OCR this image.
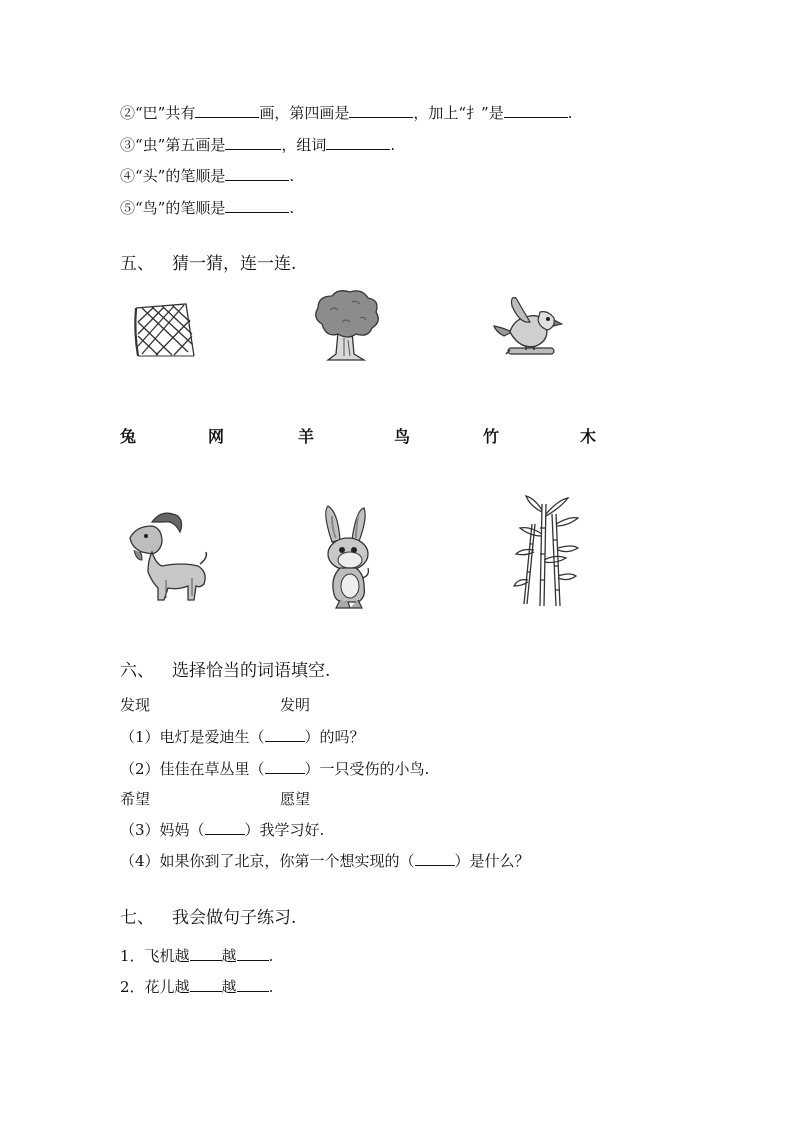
②“巴”共有	画，第四画是	，加上“扌”是	.
③“虫”第五画是	，组词	.
④“头”的笔顺是	.
⑤“鸟”的笔顺是	.
五、 猜一猜，连一连.
兔	网	羊	鸟	竹	木
六、 选择恰当的词语填空.
发现	发明
（1）电灯是爱迪生（	）的吗？
（2）佳佳在草丛里（	）一只受伤的小鸟.
希望	愿望
（3）妈妈（	）我学习好.
（4）如果你到了北京，你第一个想实现的（	）是什么？
七、 我会做句子练习.
1．飞机越 越 .
2．花儿越 越 .
